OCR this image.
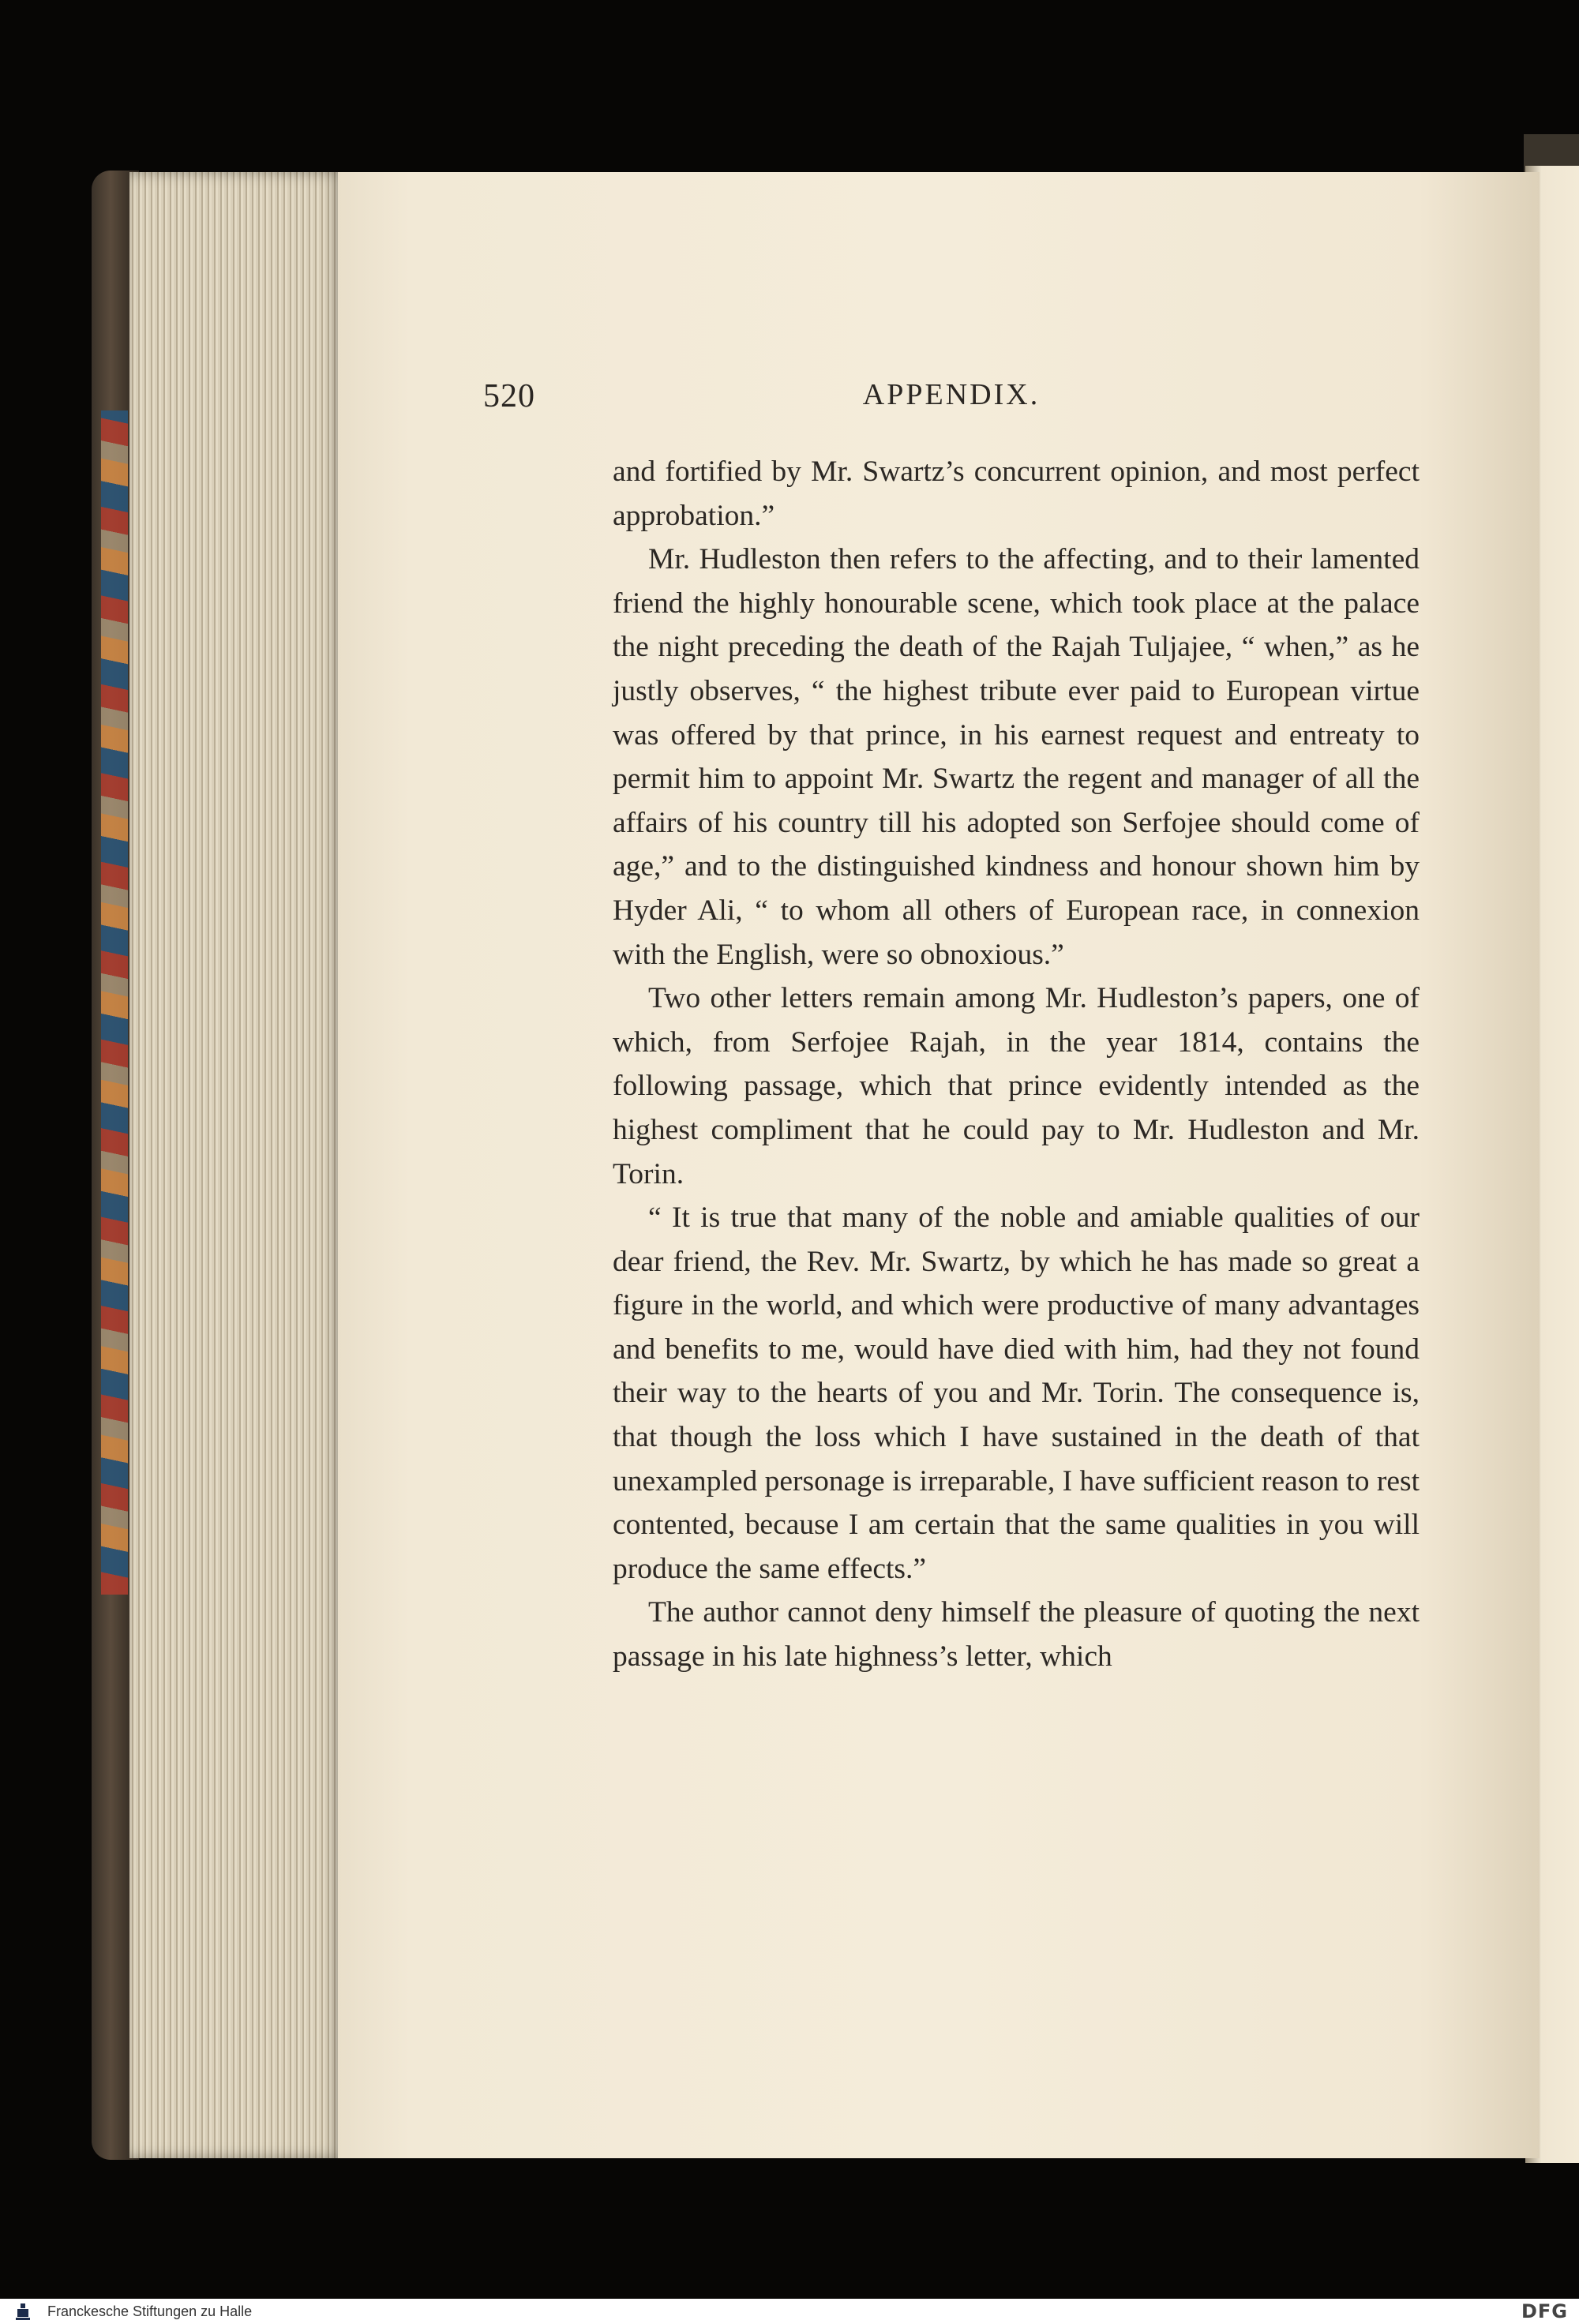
520	APPENDIX.

and fortified by Mr. Swartz’s concurrent opinion, and most perfect approbation.”

Mr. Hudleston then refers to the affecting, and to their lamented friend the highly honourable scene, which took place at the palace the night preceding the death of the Rajah Tuljajee, “ when,” as he justly observes, “ the highest tribute ever paid to European virtue was offered by that prince, in his earnest request and entreaty to permit him to appoint Mr. Swartz the regent and manager of all the affairs of his country till his adopted son Serfojee should come of age,” and to the distinguished kindness and honour shown him by Hyder Ali, “ to whom all others of European race, in connexion with the English, were so obnoxious.”

Two other letters remain among Mr. Hudleston’s papers, one of which, from Serfojee Rajah, in the year 1814, contains the following passage, which that prince evidently intended as the highest compliment that he could pay to Mr. Hudleston and Mr. Torin.

“ It is true that many of the noble and amiable qualities of our dear friend, the Rev. Mr. Swartz, by which he has made so great a figure in the world, and which were productive of many advantages and benefits to me, would have died with him, had they not found their way to the hearts of you and Mr. Torin. The consequence is, that though the loss which I have sustained in the death of that unexampled personage is irreparable, I have sufficient reason to rest contented, because I am certain that the same qualities in you will produce the same effects.”

The author cannot deny himself the pleasure of quoting the next passage in his late highness’s letter, which

Franckesche Stiftungen zu Halle	DFG
